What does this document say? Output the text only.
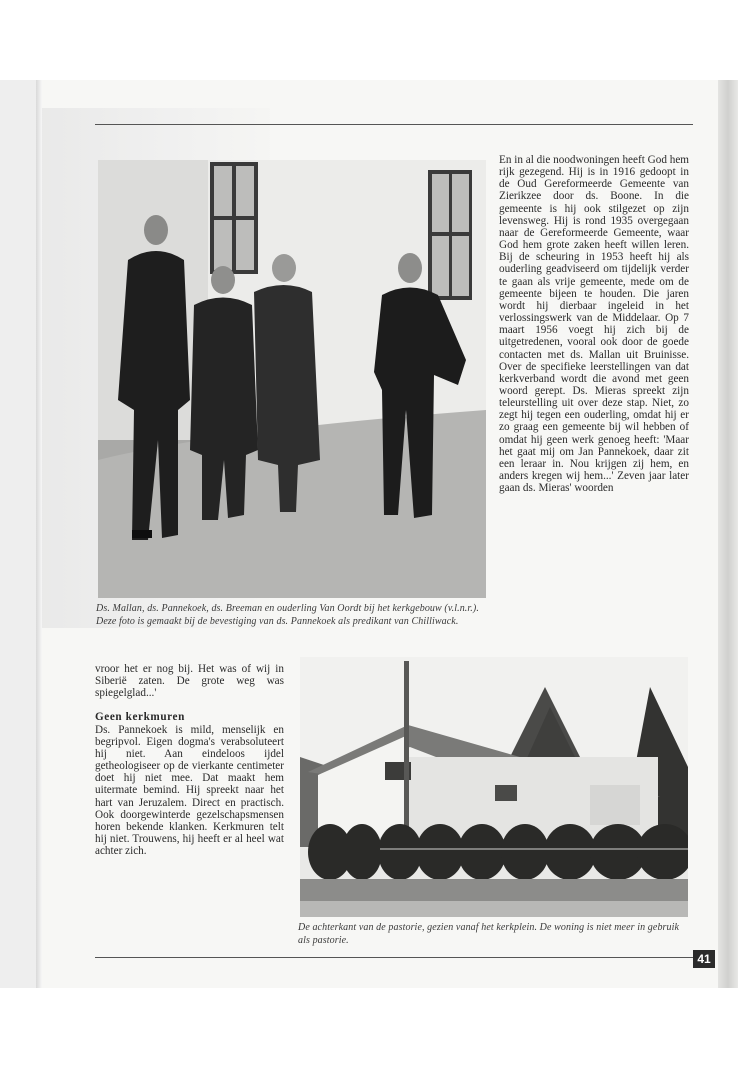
Ds. Mallan, ds. Pannekoek, ds. Breeman en ouderling Van Oordt bij het kerkgebouw (v.l.n.r.). Deze foto is gemaakt bij de bevestiging van ds. Pannekoek als predikant van Chilliwack.

En in al die noodwoningen heeft God hem rijk gezegend. Hij is in 1916 gedoopt in de Oud Gereformeerde Gemeente van Zierikzee door ds. Boone. In die gemeente is hij ook stilgezet op zijn levensweg. Hij is rond 1935 overgegaan naar de Gereformeerde Gemeente, waar God hem grote zaken heeft willen leren. Bij de scheuring in 1953 heeft hij als ouderling geadviseerd om tijdelijk verder te gaan als vrije gemeente, mede om de gemeente bijeen te houden. Die jaren wordt hij dierbaar ingeleid in het verlossingswerk van de Middelaar. Op 7 maart 1956 voegt hij zich bij de uitgetredenen, vooral ook door de goede contacten met ds. Mallan uit Bruinisse. Over de specifieke leerstellingen van dat kerkverband wordt die avond met geen woord gerept. Ds. Mieras spreekt zijn teleurstelling uit over deze stap. Niet, zo zegt hij tegen een ouderling, omdat hij er zo graag een gemeente bij wil hebben of omdat hij geen werk genoeg heeft: 'Maar het gaat mij om Jan Pannekoek, daar zit een leraar in. Nou krijgen zij hem, en anders kregen wij hem...' Zeven jaar later gaan ds. Mieras' woorden

vroor het er nog bij. Het was of wij in Siberië zaten. De grote weg was spiegelglad...'

Geen kerkmuren

Ds. Pannekoek is mild, menselijk en begripvol. Eigen dogma's verabsoluteert hij niet. Aan eindeloos ijdel getheologiseer op de vierkante centimeter doet hij niet mee. Dat maakt hem uitermate bemind. Hij spreekt naar het hart van Jeruzalem. Direct en practisch. Ook doorgewinterde gezelschapsmensen horen bekende klanken. Kerkmuren telt hij niet. Trouwens, hij heeft er al heel wat achter zich.

De achterkant van de pastorie, gezien vanaf het kerkplein. De woning is niet meer in gebruik als pastorie.
41
